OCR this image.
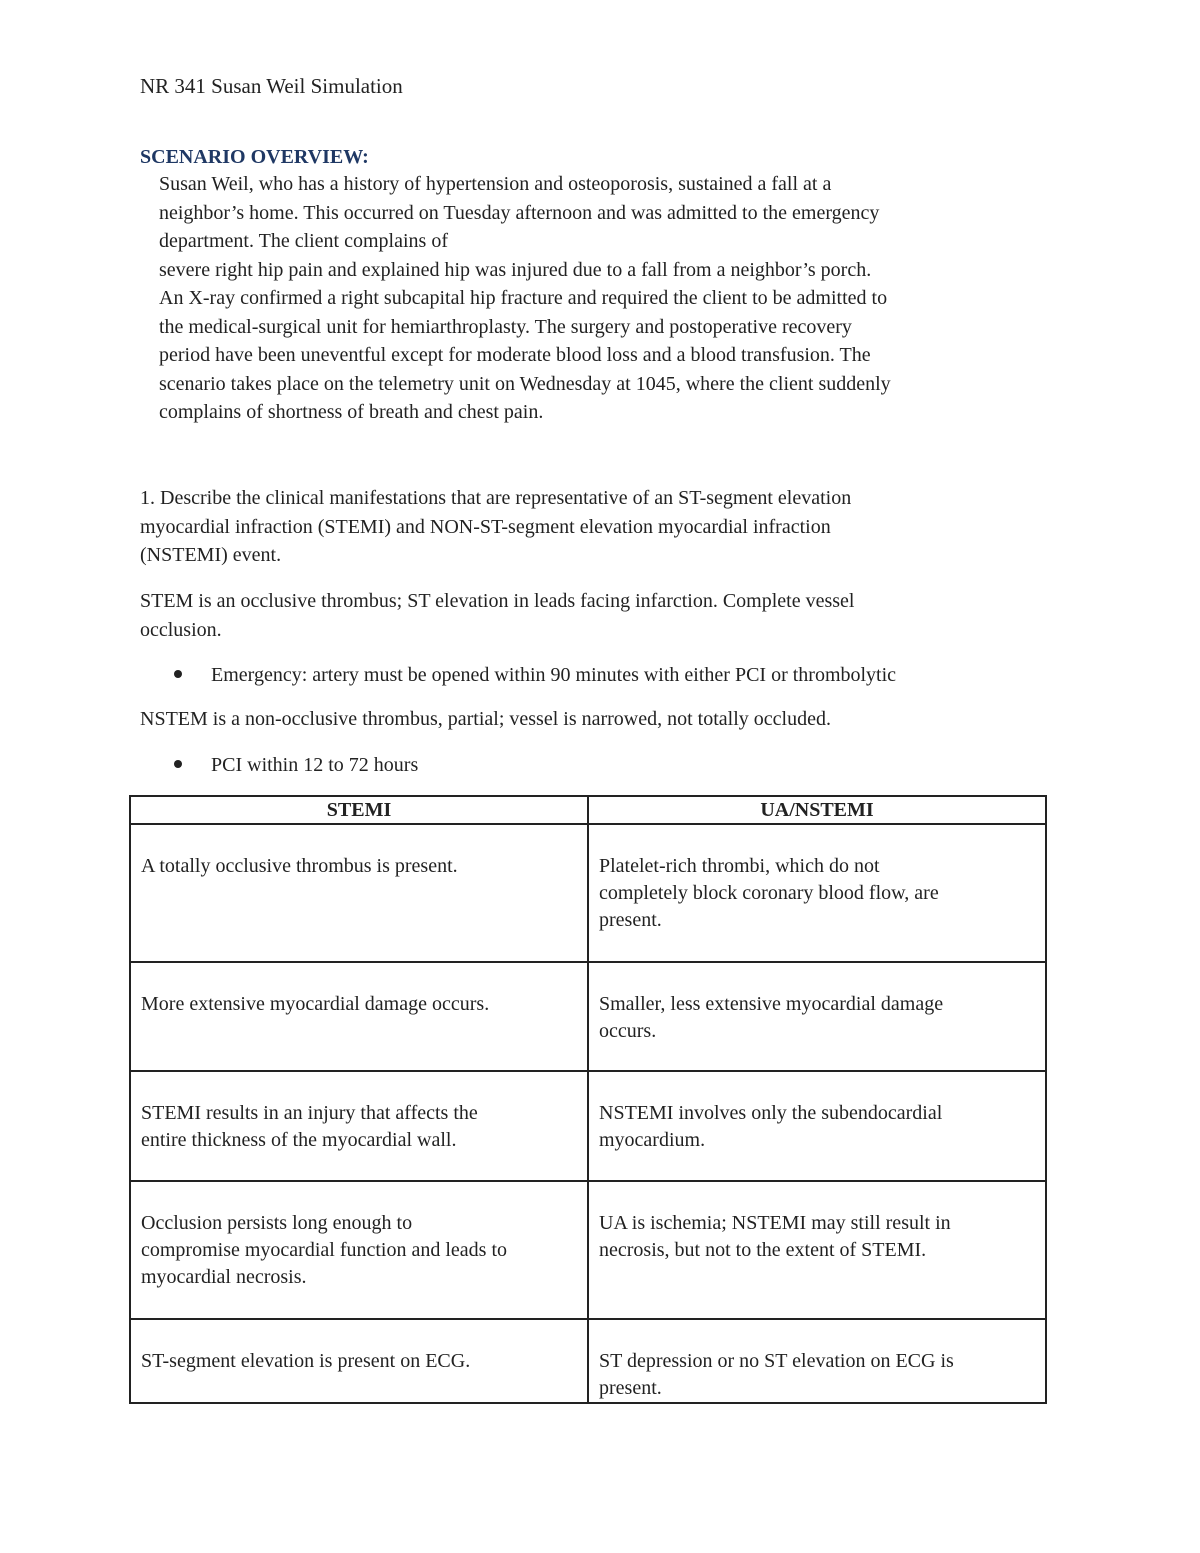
NR 341 Susan Weil Simulation
SCENARIO OVERVIEW:
Susan Weil, who has a history of hypertension and osteoporosis, sustained a fall at a
neighbor’s home. This occurred on Tuesday afternoon and was admitted to the emergency
department. The client complains of
severe right hip pain and explained hip was injured due to a fall from a neighbor’s porch.
An X-ray confirmed a right subcapital hip fracture and required the client to be admitted to
the medical-surgical unit for hemiarthroplasty. The surgery and postoperative recovery
period have been uneventful except for moderate blood loss and a blood transfusion. The
scenario takes place on the telemetry unit on Wednesday at 1045, where the client suddenly
complains of shortness of breath and chest pain.
1. Describe the clinical manifestations that are representative of an ST-segment elevation
myocardial infraction (STEMI) and NON-ST-segment elevation myocardial infraction
(NSTEMI) event.
STEM is an occlusive thrombus; ST elevation in leads facing infarction. Complete vessel
occlusion.
Emergency: artery must be opened within 90 minutes with either PCI or thrombolytic
NSTEM is a non-occlusive thrombus, partial; vessel is narrowed, not totally occluded.
PCI within 12 to 72 hours
STEMI	UA/NSTEMI

A totally occlusive thrombus is present.	Platelet-rich thrombi, which do not
completely block coronary blood flow, are
present.

More extensive myocardial damage occurs.	Smaller, less extensive myocardial damage
occurs.

STEMI results in an injury that affects the
entire thickness of the myocardial wall.	NSTEMI involves only the subendocardial
myocardium.

Occlusion persists long enough to
compromise myocardial function and leads to
myocardial necrosis.	UA is ischemia; NSTEMI may still result in
necrosis, but not to the extent of STEMI.

ST-segment elevation is present on ECG.	ST depression or no ST elevation on ECG is
present.
